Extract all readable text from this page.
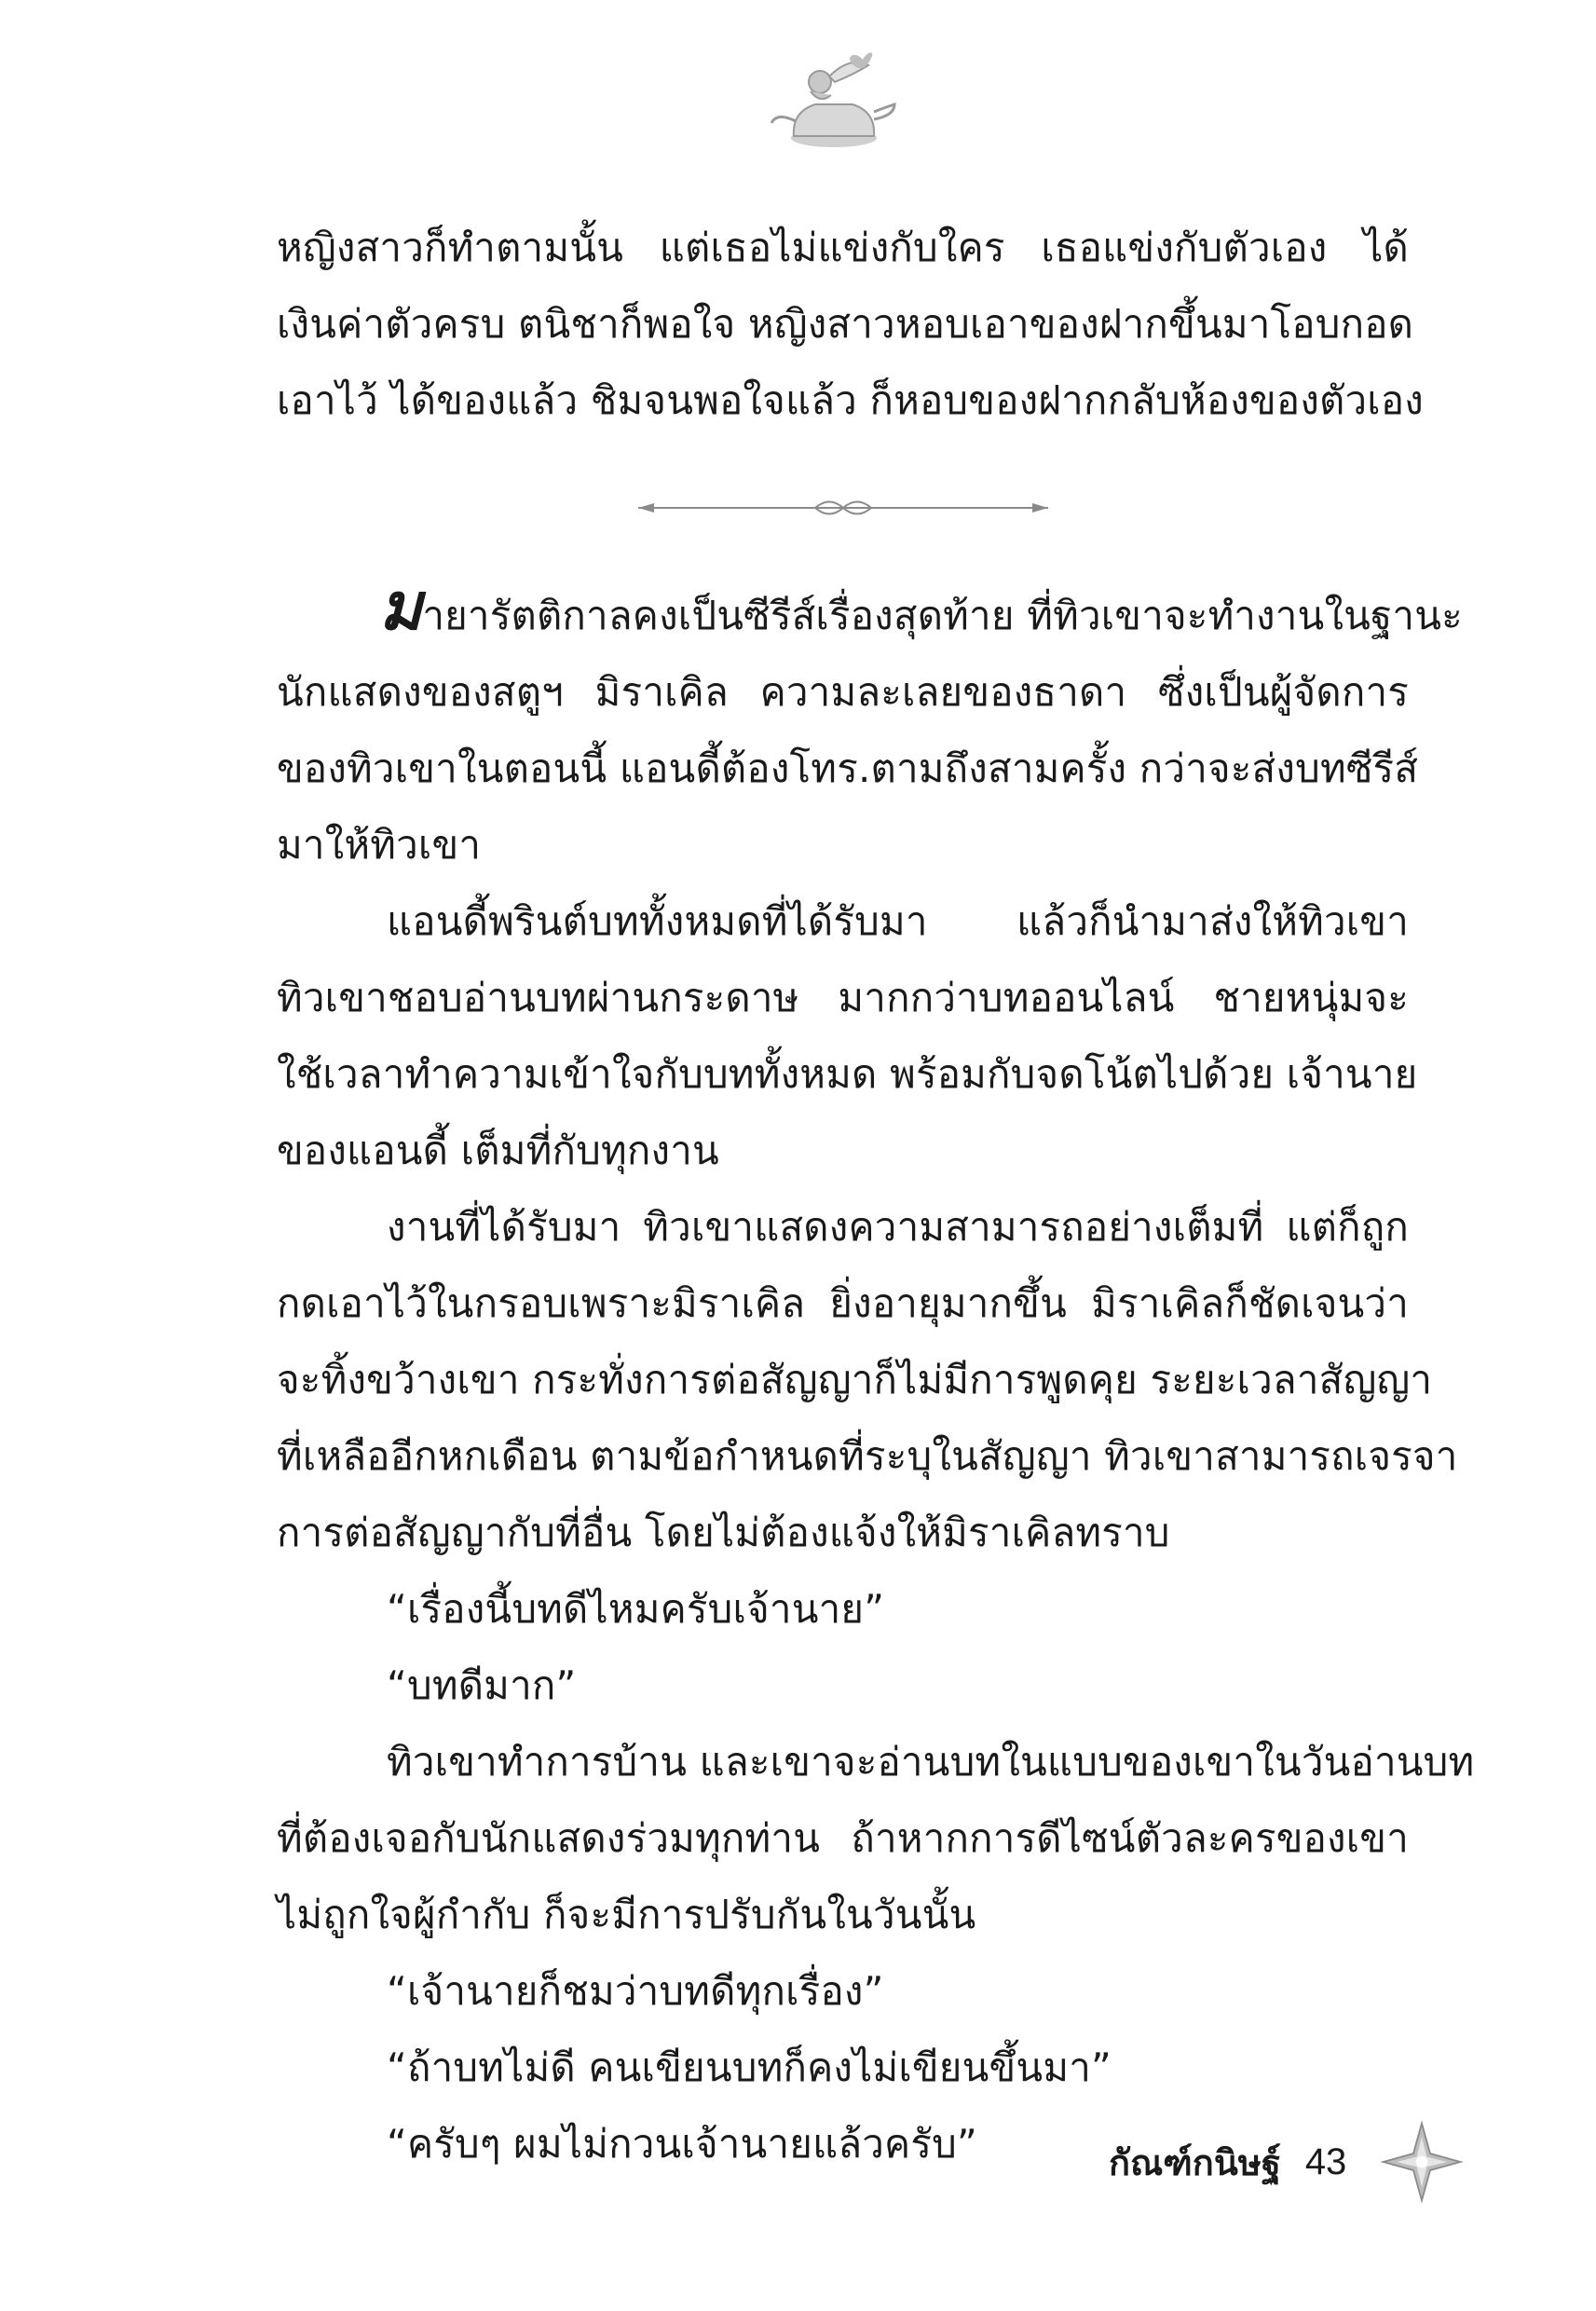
หญิงสาวก็ทำตามนั้น แต่เธอไม่แข่งกับใคร เธอแข่งกับตัวเอง ได้
เงินค่าตัวครบ ตนิชาก็พอใจ หญิงสาวหอบเอาของฝากขึ้นมาโอบกอด
เอาไว้ ได้ของแล้ว ชิมจนพอใจแล้ว ก็หอบของฝากกลับห้องของตัวเอง
มายารัตติกาลคงเป็นซีรีส์เรื่องสุดท้าย ที่ทิวเขาจะทำงานในฐานะ
นักแสดงของสตูฯ มิราเคิล ความละเลยของธาดา ซึ่งเป็นผู้จัดการ
ของทิวเขาในตอนนี้ แอนดี้ต้องโทร.ตามถึงสามครั้ง กว่าจะส่งบทซีรีส์
มาให้ทิวเขา
แอนดี้พรินต์บททั้งหมดที่ได้รับมา แล้วก็นำมาส่งให้ทิวเขา
ทิวเขาชอบอ่านบทผ่านกระดาษ มากกว่าบทออนไลน์ ชายหนุ่มจะ
ใช้เวลาทำความเข้าใจกับบททั้งหมด พร้อมกับจดโน้ตไปด้วย เจ้านาย
ของแอนดี้ เต็มที่กับทุกงาน
งานที่ได้รับมา ทิวเขาแสดงความสามารถอย่างเต็มที่ แต่ก็ถูก
กดเอาไว้ในกรอบเพราะมิราเคิล ยิ่งอายุมากขึ้น มิราเคิลก็ชัดเจนว่า
จะทิ้งขว้างเขา กระทั่งการต่อสัญญาก็ไม่มีการพูดคุย ระยะเวลาสัญญา
ที่เหลืออีกหกเดือน ตามข้อกำหนดที่ระบุในสัญญา ทิวเขาสามารถเจรจา
การต่อสัญญากับที่อื่น โดยไม่ต้องแจ้งให้มิราเคิลทราบ
“เรื่องนี้บทดีไหมครับเจ้านาย”
“บทดีมาก”
ทิวเขาทำการบ้าน และเขาจะอ่านบทในแบบของเขาในวันอ่านบท
ที่ต้องเจอกับนักแสดงร่วมทุกท่าน ถ้าหากการดีไซน์ตัวละครของเขา
ไม่ถูกใจผู้กำกับ ก็จะมีการปรับกันในวันนั้น
“เจ้านายก็ชมว่าบทดีทุกเรื่อง”
“ถ้าบทไม่ดี คนเขียนบทก็คงไม่เขียนขึ้นมา”
“ครับๆ ผมไม่กวนเจ้านายแล้วครับ”	กัณฑ์กนิษฐ์ 43
